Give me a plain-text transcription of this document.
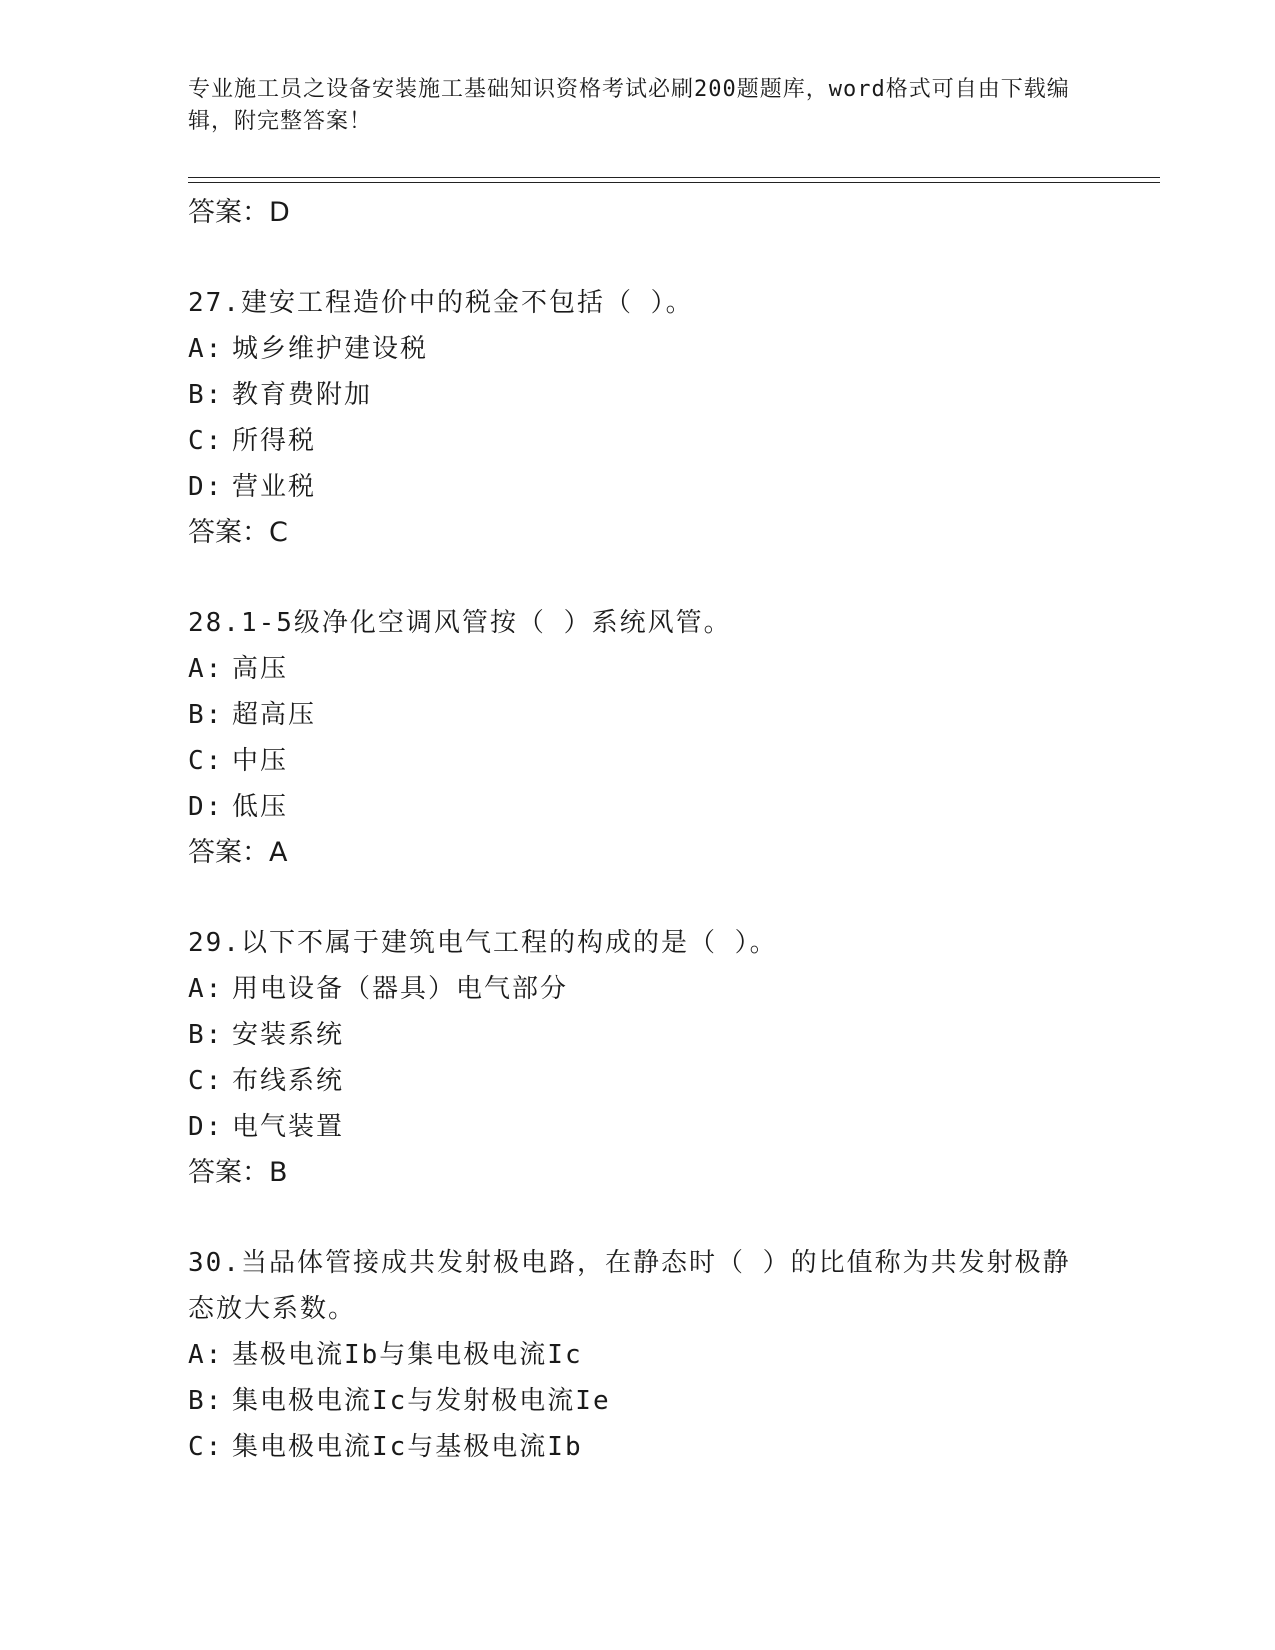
专业施工员之设备安装施工基础知识资格考试必刷200题题库，word格式可自由下载编辑，附完整答案！
答案：D
27.建安工程造价中的税金不包括（ ）。
A: 城乡维护建设税
B: 教育费附加
C: 所得税
D: 营业税
答案：C
28.1-5级净化空调风管按（ ）系统风管。
A: 高压
B: 超高压
C: 中压
D: 低压
答案：A
29.以下不属于建筑电气工程的构成的是（ ）。
A: 用电设备（器具）电气部分
B: 安装系统
C: 布线系统
D: 电气装置
答案：B
30.当品体管接成共发射极电路，在静态时（ ）的比值称为共发射极静态放大系数。
A: 基极电流Ib与集电极电流Ic
B: 集电极电流Ic与发射极电流Ie
C: 集电极电流Ic与基极电流Ib
